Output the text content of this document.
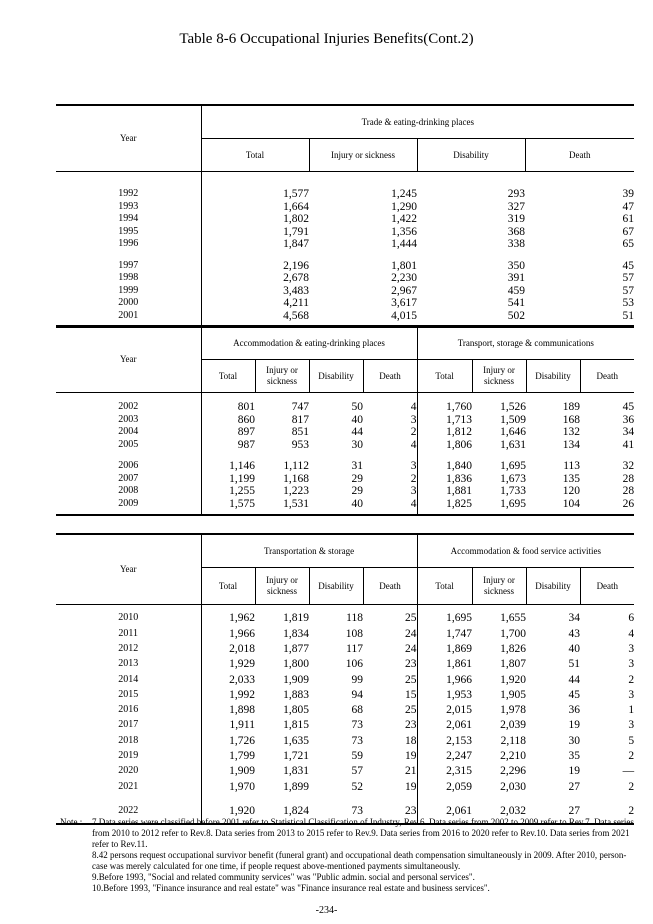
Table 8-6 Occupational Injuries Benefits(Cont.2)
Year	Trade & eating-drinking places			
	Total	Injury or sickness	Disability	Death

1992	1,577	1,245	293	39
1993	1,664	1,290	327	47
1994	1,802	1,422	319	61
1995	1,791	1,356	368	67
1996	1,847	1,444	338	65

1997	2,196	1,801	350	45
1998	2,678	2,230	391	57
1999	3,483	2,967	459	57
2000	4,211	3,617	541	53
2001	4,568	4,015	502	51

Year	Accommodation & eating-drinking places				Transport, storage & communications			
	Total	Injury or sickness	Disability	Death	Total	Injury or sickness	Disability	Death

2002	801	747	50	4	1,760	1,526	189	45
2003	860	817	40	3	1,713	1,509	168	36
2004	897	851	44	2	1,812	1,646	132	34
2005	987	953	30	4	1,806	1,631	134	41

2006	1,146	1,112	31	3	1,840	1,695	113	32
2007	1,199	1,168	29	2	1,836	1,673	135	28
2008	1,255	1,223	29	3	1,881	1,733	120	28
2009	1,575	1,531	40	4	1,825	1,695	104	26

Year	Transportation & storage				Accommodation & food service activities			
	Total	Injury or sickness	Disability	Death	Total	Injury or sickness	Disability	Death

2010	1,962	1,819	118	25	1,695	1,655	34	6
2011	1,966	1,834	108	24	1,747	1,700	43	4
2012	2,018	1,877	117	24	1,869	1,826	40	3
2013	1,929	1,800	106	23	1,861	1,807	51	3
2014	2,033	1,909	99	25	1,966	1,920	44	2
2015	1,992	1,883	94	15	1,953	1,905	45	3
2016	1,898	1,805	68	25	2,015	1,978	36	1
2017	1,911	1,815	73	23	2,061	2,039	19	3
2018	1,726	1,635	73	18	2,153	2,118	30	5
2019	1,799	1,721	59	19	2,247	2,210	35	2
2020	1,909	1,831	57	21	2,315	2,296	19	—
2021	1,970	1,899	52	19	2,059	2,030	27	2

2022	1,920	1,824	73	23	2,061	2,032	27	2

Note : 7.Data series were classified before 2001 refer to Statistical Classification of Industry, Rev.6. Data series from 2002 to 2009 refer to Rev.7. Data series from 2010 to 2012 refer to Rev.8. Data series from 2013 to 2015 refer to Rev.9. Data series from 2016 to 2020 refer to Rev.10. Data series from 2021 refer to Rev.11.
8.42 persons request occupational survivor benefit (funeral grant) and occupational death compensation simultaneously in 2009. After 2010, person-case was merely calculated for one time, if people request above-mentioned payments simultaneously.
9.Before 1993, "Social and related community services" was "Public admin. social and personal services".
10.Before 1993, "Finance insurance and real estate" was "Finance insurance real estate and business services".
-234-
